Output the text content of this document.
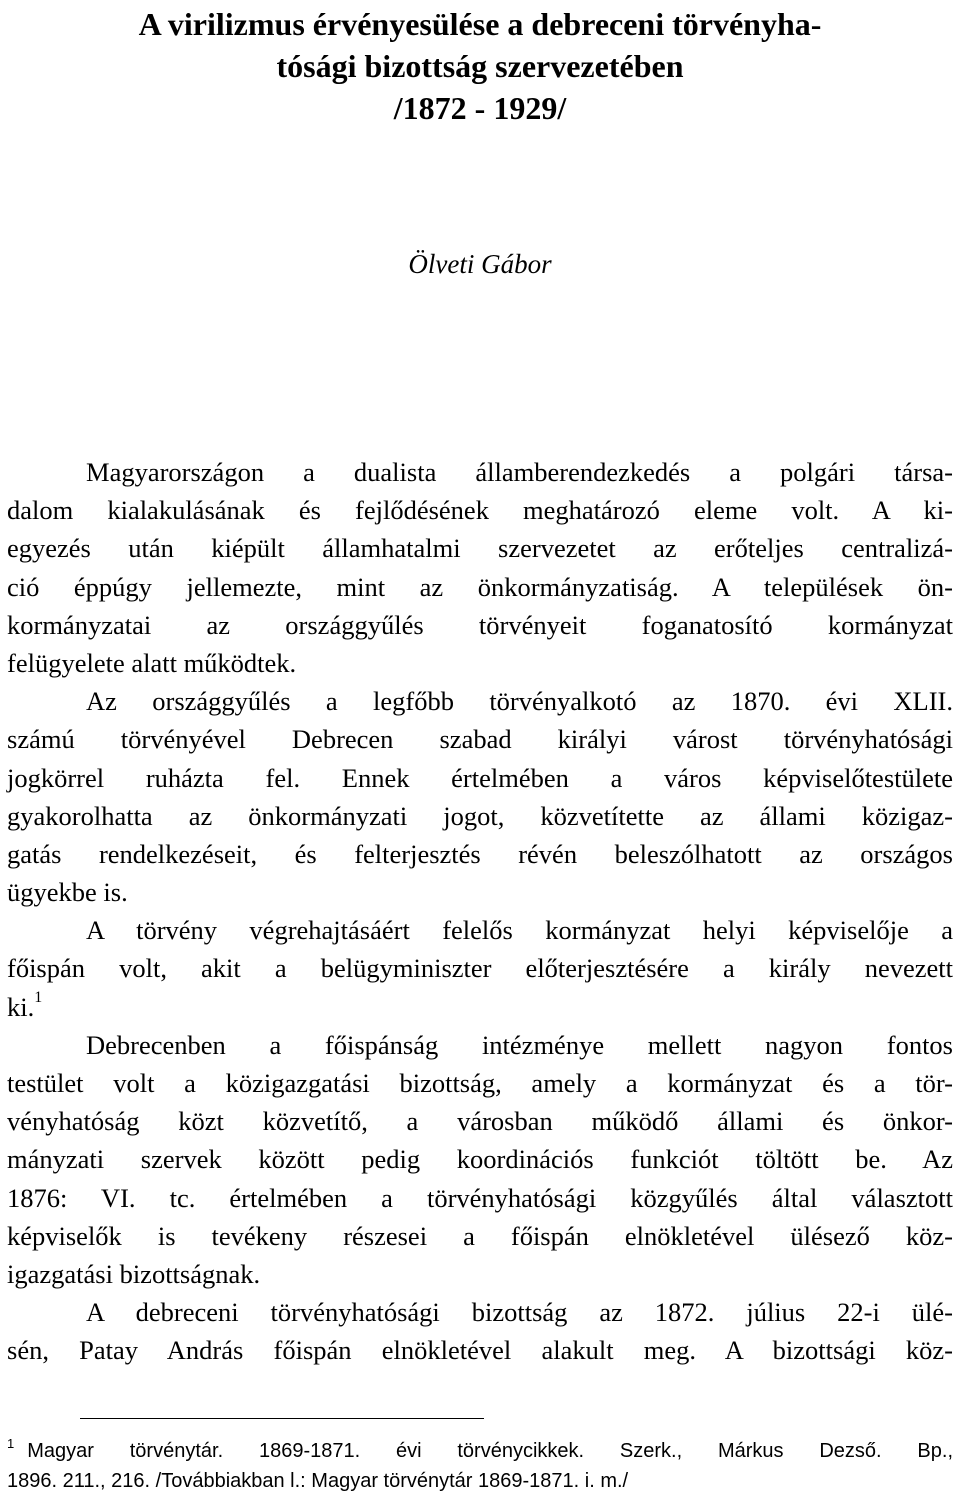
A virilizmus érvényesülése a debreceni törvényha-
tósági bizottság szervezetében
/1872 - 1929/
Ölveti Gábor
Magyarországon a dualista államberendezkedés a polgári társa-
dalom kialakulásának és fejlődésének meghatározó eleme volt. A ki-
egyezés után kiépült államhatalmi szervezetet az erőteljes centralizá-
ció éppúgy jellemezte, mint az önkormányzatiság. A települések ön-
kormányzatai az országgyűlés törvényeit foganatosító kormányzat
felügyelete alatt működtek.
Az országgyűlés a legfőbb törvényalkotó az 1870. évi XLII.
számú törvényével Debrecen szabad királyi várost törvényhatósági
jogkörrel ruházta fel. Ennek értelmében a város képviselőtestülete
gyakorolhatta az önkormányzati jogot, közvetítette az állami közigaz-
gatás rendelkezéseit, és felterjesztés révén beleszólhatott az országos
ügyekbe is.
A törvény végrehajtásáért felelős kormányzat helyi képviselője a
főispán volt, akit a belügyminiszter előterjesztésére a király nevezett
ki.$^1$
Debrecenben a főispánság intézménye mellett nagyon fontos
testület volt a közigazgatási bizottság, amely a kormányzat és a tör-
vényhatóság közt közvetítő, a városban működő állami és önkor-
mányzati szervek között pedig koordinációs funkciót töltött be. Az
1876: VI. tc. értelmében a törvényhatósági közgyűlés által választott
képviselők is tevékeny részesei a főispán elnökletével ülésező köz-
igazgatási bizottságnak.
A debreceni törvényhatósági bizottság az 1872. július 22-i ülé-
sén, Patay András főispán elnökletével alakult meg. A bizottsági köz-
$^1$ Magyar törvénytár. 1869-1871. évi törvénycikkek. Szerk., Márkus Dezső. Bp.,
1896. 211., 216. /Továbbiakban l.: Magyar törvénytár 1869-1871. i. m./
